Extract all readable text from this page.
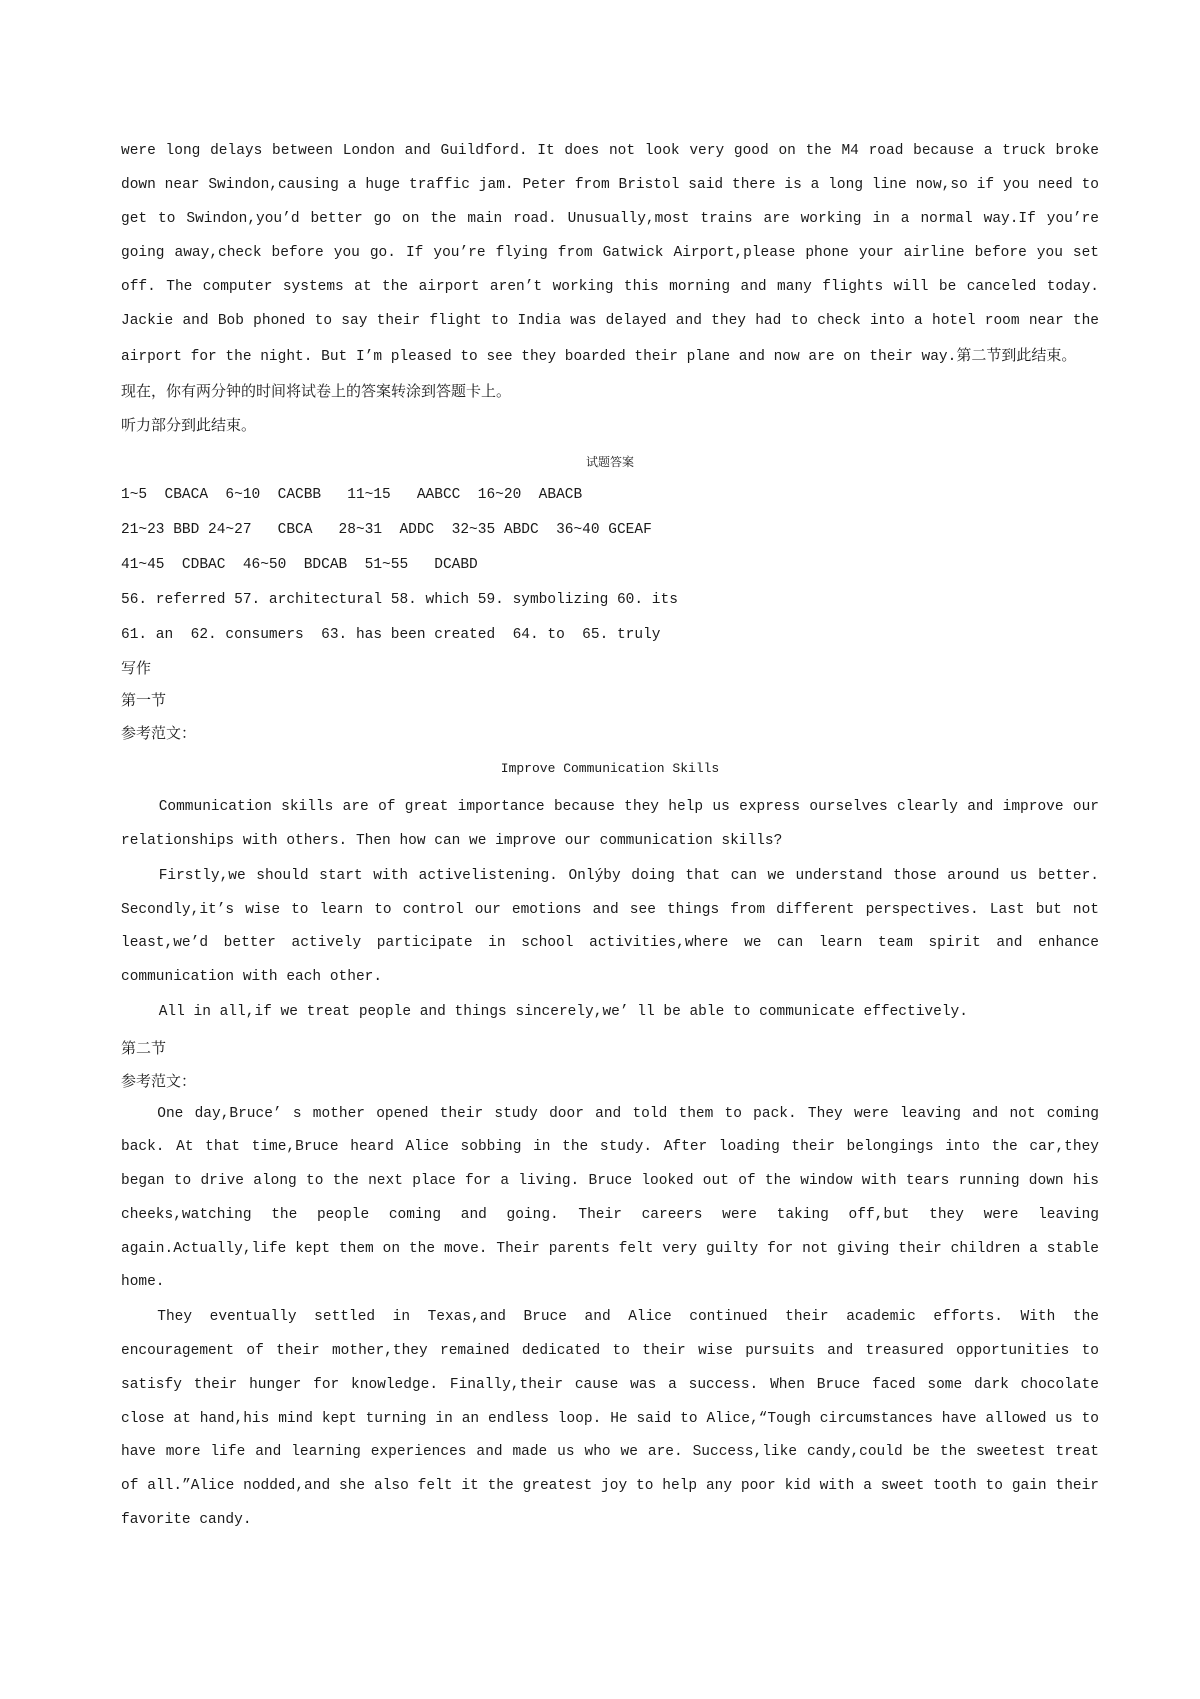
were long delays between London and Guildford. It does not look very good on the M4 road because a truck broke down near Swindon,causing a huge traffic jam. Peter from Bristol said there is a long line now,so if you need to get to Swindon,you’d better go on the main road. Unusually,most trains are working in a normal way.If you’re going away,check before you go. If you’re flying from Gatwick Airport,please phone your airline before you set off. The computer systems at the airport aren’t working this morning and many flights will be canceled today. Jackie and Bob phoned to say their flight to India was delayed and they had to check into a hotel room near the airport for the night. But I’m pleased to see they boarded their plane and now are on their way.第二节到此结束。

现在，你有两分钟的时间将试卷上的答案转涂到答题卡上。

听力部分到此结束。

试题答案

1~5  CBACA  6~10  CACBB   11~15   AABCC  16~20  ABACB

21~23 BBD 24~27   CBCA   28~31  ADDC  32~35 ABDC  36~40 GCEAF

41~45  CDBAC  46~50  BDCAB  51~55   DCABD

56. referred 57. architectural 58. which 59. symbolizing 60. its

61. an  62. consumers  63. has been created  64. to  65. truly

写作

第一节

参考范文：

Improve Communication Skills

Communication skills are of great importance because they help us express ourselves clearly and improve our relationships with others. Then how can we improve our communication skills?

Firstly,we should start with activelistening. Onlýby doing that can we understand those around us better. Secondly,it’s wise to learn to control our emotions and see things from different perspectives. Last but not least,we’d better actively participate in school activities,where we can learn team spirit and enhance communication with each other.

All in all,if we treat people and things sincerely,we’ ll be able to communicate effectively.

第二节

参考范文：

One day,Bruce’ s mother opened their study door and told them to pack. They were leaving and not coming back. At that time,Bruce heard Alice sobbing in the study. After loading their belongings into the car,they began to drive along to the next place for a living. Bruce looked out of the window with tears running down his cheeks,watching the people coming and going. Their careers were taking off,but they were leaving again.Actually,life kept them on the move. Their parents felt very guilty for not giving their children a stable home.

They eventually settled in Texas,and Bruce and Alice continued their academic efforts. With the encouragement of their mother,they remained dedicated to their wise pursuits and treasured opportunities to satisfy their hunger for knowledge. Finally,their cause was a success. When Bruce faced some dark chocolate close at hand,his mind kept turning in an endless loop. He said to Alice,“Tough circumstances have allowed us to have more life and learning experiences and made us who we are. Success,like candy,could be the sweetest treat of all.”Alice nodded,and she also felt it the greatest joy to help any poor kid with a sweet tooth to gain their favorite candy.
